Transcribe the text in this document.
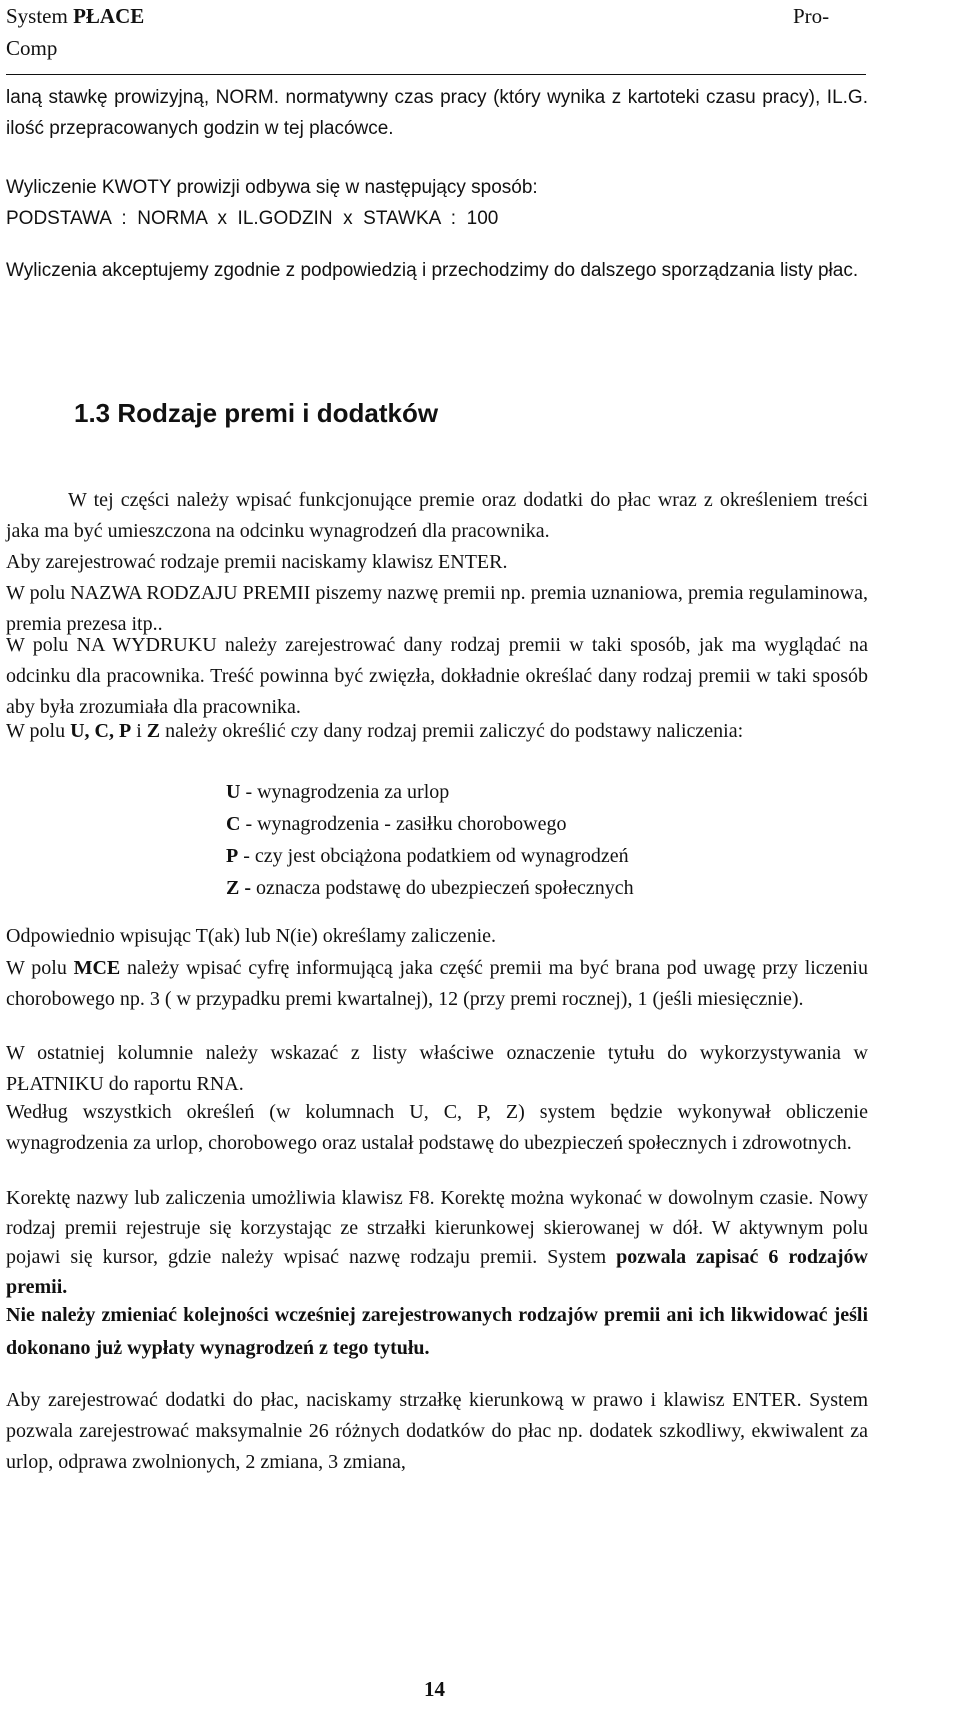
System PŁACE
Comp
Pro-

laną stawkę prowizyjną, NORM. normatywny czas pracy (który wynika z kartoteki czasu pracy), IL.G. ilość przepracowanych godzin w tej placówce.

Wyliczenie KWOTY prowizji odbywa się w następujący sposób:
PODSTAWA  :  NORMA  x  IL.GODZIN  x  STAWKA  :  100

Wyliczenia akceptujemy zgodnie z podpowiedzią i przechodzimy do dalszego sporządzania listy płac.

1.3 Rodzaje premi i dodatków

W tej części należy wpisać funkcjonujące premie oraz dodatki do płac wraz z określeniem treści jaka ma być umieszczona na odcinku wynagrodzeń dla pracownika.

Aby zarejestrować rodzaje premii naciskamy klawisz ENTER.

W polu NAZWA RODZAJU PREMII piszemy nazwę premii np. premia uznaniowa, premia regulaminowa, premia prezesa itp..

W polu NA WYDRUKU należy zarejestrować dany rodzaj premii w taki sposób, jak ma wyglądać na odcinku dla pracownika. Treść powinna być zwięzła, dokładnie określać dany rodzaj premii w taki sposób aby była zrozumiała dla pracownika.

W polu U, C, P i Z należy określić czy dany rodzaj premii zaliczyć do podstawy naliczenia:

U - wynagrodzenia za urlop
C - wynagrodzenia - zasiłku chorobowego
P - czy jest obciążona podatkiem od wynagrodzeń
Z - oznacza podstawę do ubezpieczeń społecznych

Odpowiednio wpisując T(ak) lub N(ie) określamy zaliczenie.

W polu MCE należy wpisać cyfrę informującą jaka część premii ma być brana pod uwagę przy liczeniu chorobowego np. 3 ( w przypadku premi kwartalnej), 12 (przy premi rocznej), 1 (jeśli miesięcznie).

W ostatniej kolumnie należy wskazać z listy właściwe oznaczenie tytułu do wykorzystywania w PŁATNIKU do raportu RNA.

Według wszystkich określeń (w kolumnach U, C, P, Z) system będzie wykonywał obliczenie wynagrodzenia za urlop, chorobowego oraz ustalał podstawę do ubezpieczeń społecznych i zdrowotnych.

Korektę nazwy lub zaliczenia umożliwia klawisz F8. Korektę można wykonać w dowolnym czasie. Nowy rodzaj premii rejestruje się korzystając ze strzałki kierunkowej skierowanej w dół. W aktywnym polu pojawi się kursor, gdzie należy wpisać nazwę rodzaju premii. System pozwala zapisać 6 rodzajów premii.

Nie należy zmieniać kolejności wcześniej zarejestrowanych rodzajów premii ani ich likwidować jeśli dokonano już wypłaty wynagrodzeń z tego tytułu.

Aby zarejestrować dodatki do płac, naciskamy strzałkę kierunkową w prawo i klawisz ENTER. System pozwala zarejestrować maksymalnie 26 różnych dodatków do płac np. dodatek szkodliwy, ekwiwalent za urlop, odprawa zwolnionych, 2 zmiana, 3 zmiana,

14
